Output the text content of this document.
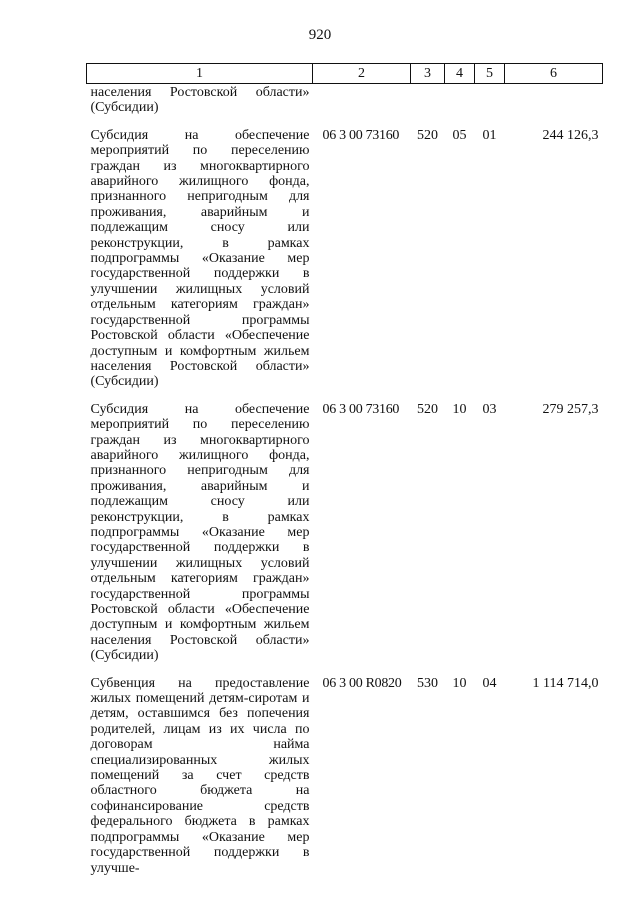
920
1	2	3	4	5	6
населения Ростовской области» (Субсидии)					
Субсидия на обеспечение мероприятий по переселению граждан из многоквартирного аварийного жилищного фонда, признанного непригодным для проживания, аварийным и подлежащим сносу или реконструкции, в рамках подпрограммы «Оказание мер государственной поддержки в улучшении жилищных условий отдельным категориям граждан» государственной программы Ростовской области «Обеспечение доступным и комфортным жильем населения Ростовской области» (Субсидии)	06 3 00 73160	520	05	01	244 126,3
Субсидия на обеспечение мероприятий по переселению граждан из многоквартирного аварийного жилищного фонда, признанного непригодным для проживания, аварийным и подлежащим сносу или реконструкции, в рамках подпрограммы «Оказание мер государственной поддержки в улучшении жилищных условий отдельным категориям граждан» государственной программы Ростовской области «Обеспечение доступным и комфортным жильем населения Ростовской области» (Субсидии)	06 3 00 73160	520	10	03	279 257,3
Субвенция на предоставление жилых помещений детям-сиротам и детям, оставшимся без попечения родителей, лицам из их числа по договорам найма специализированных жилых помещений за счет средств областного бюджета на софинансирование средств федерального бюджета в рамках подпрограммы «Оказание мер государственной поддержки в улучше-	06 3 00 R0820	530	10	04	1 114 714,0
